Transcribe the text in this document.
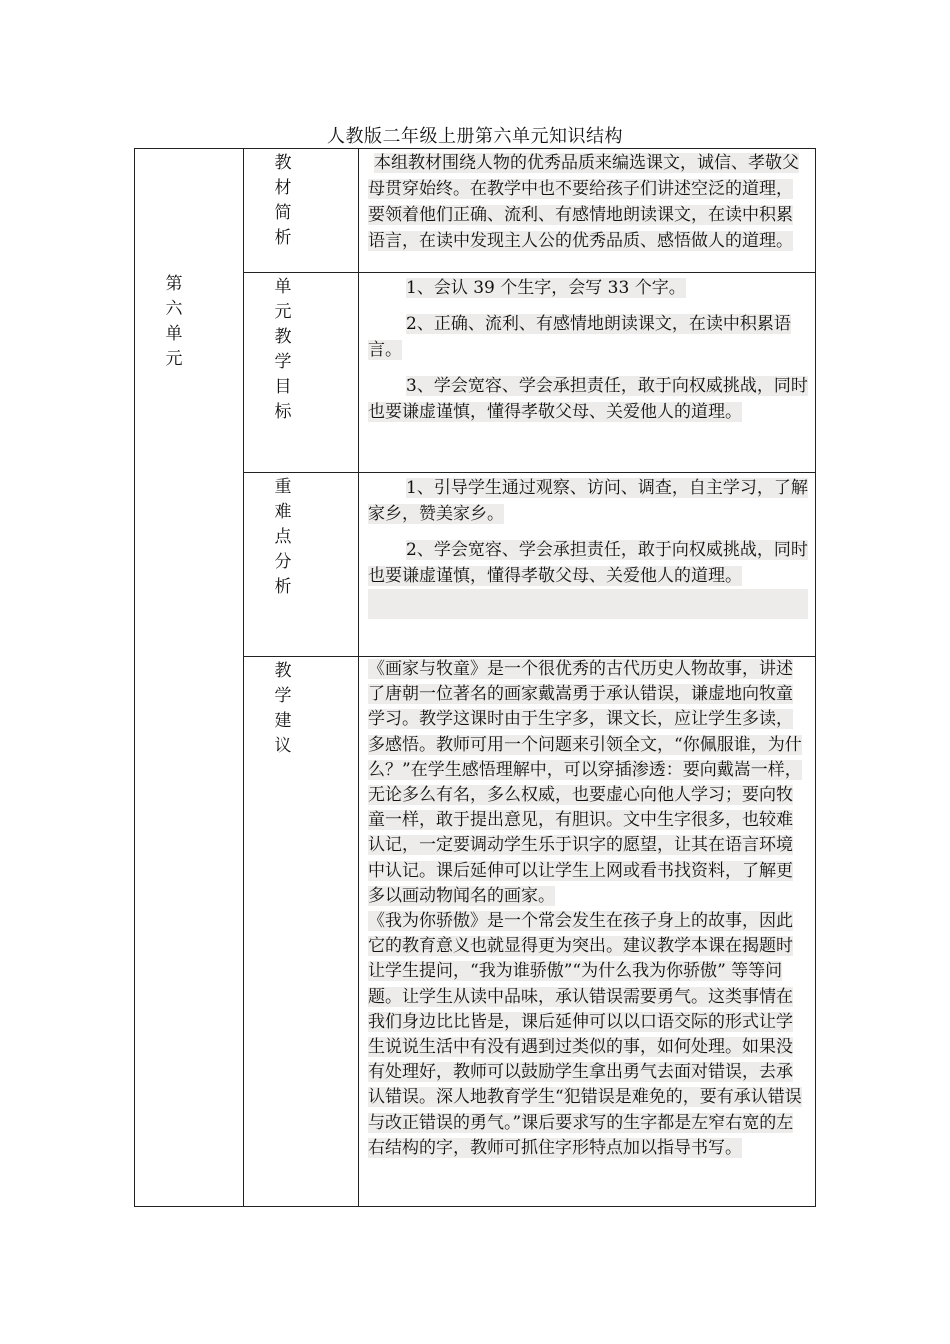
人教版二年级上册第六单元知识结构
第
六
单
元
教
材
简
析

本组教材围绕人物的优秀品质来编选课文，诚信、孝敬父母贯穿始终。在教学中也不要给孩子们讲述空泛的道理，要领着他们正确、流利、有感情地朗读课文，在读中积累语言，在读中发现主人公的优秀品质、感悟做人的道理。

单
元
教
学
目
标

1、会认 39 个生字，会写 33 个字。

2、正确、流利、有感情地朗读课文，在读中积累语言。

3、学会宽容、学会承担责任，敢于向权威挑战，同时也要谦虚谨慎，懂得孝敬父母、关爱他人的道理。

重
难
点
分
析

1、引导学生通过观察、访问、调查，自主学习，了解家乡，赞美家乡。

2、学会宽容、学会承担责任，敢于向权威挑战，同时也要谦虚谨慎，懂得孝敬父母、关爱他人的道理。

教
学
建
议

《画家与牧童》是一个很优秀的古代历史人物故事，讲述了唐朝一位著名的画家戴嵩勇于承认错误，谦虚地向牧童学习。教学这课时由于生字多，课文长，应让学生多读，多感悟。教师可用一个问题来引领全文，“你佩服谁，为什么？”在学生感悟理解中，可以穿插渗透：要向戴嵩一样，无论多么有名，多么权威，也要虚心向他人学习；要向牧童一样，敢于提出意见，有胆识。文中生字很多，也较难认记，一定要调动学生乐于识字的愿望，让其在语言环境中认记。课后延伸可以让学生上网或看书找资料，了解更多以画动物闻名的画家。

《我为你骄傲》是一个常会发生在孩子身上的故事，因此它的教育意义也就显得更为突出。建议教学本课在揭题时让学生提问，“我为谁骄傲”“为什么我为你骄傲” 等等问题。让学生从读中品味，承认错误需要勇气。这类事情在我们身边比比皆是，课后延伸可以以口语交际的形式让学生说说生活中有没有遇到过类似的事，如何处理。如果没有处理好，教师可以鼓励学生拿出勇气去面对错误，去承认错误。深人地教育学生“犯错误是难免的，要有承认错误与改正错误的勇气。”课后要求写的生字都是左窄右宽的左右结构的字，教师可抓住字形特点加以指导书写。
